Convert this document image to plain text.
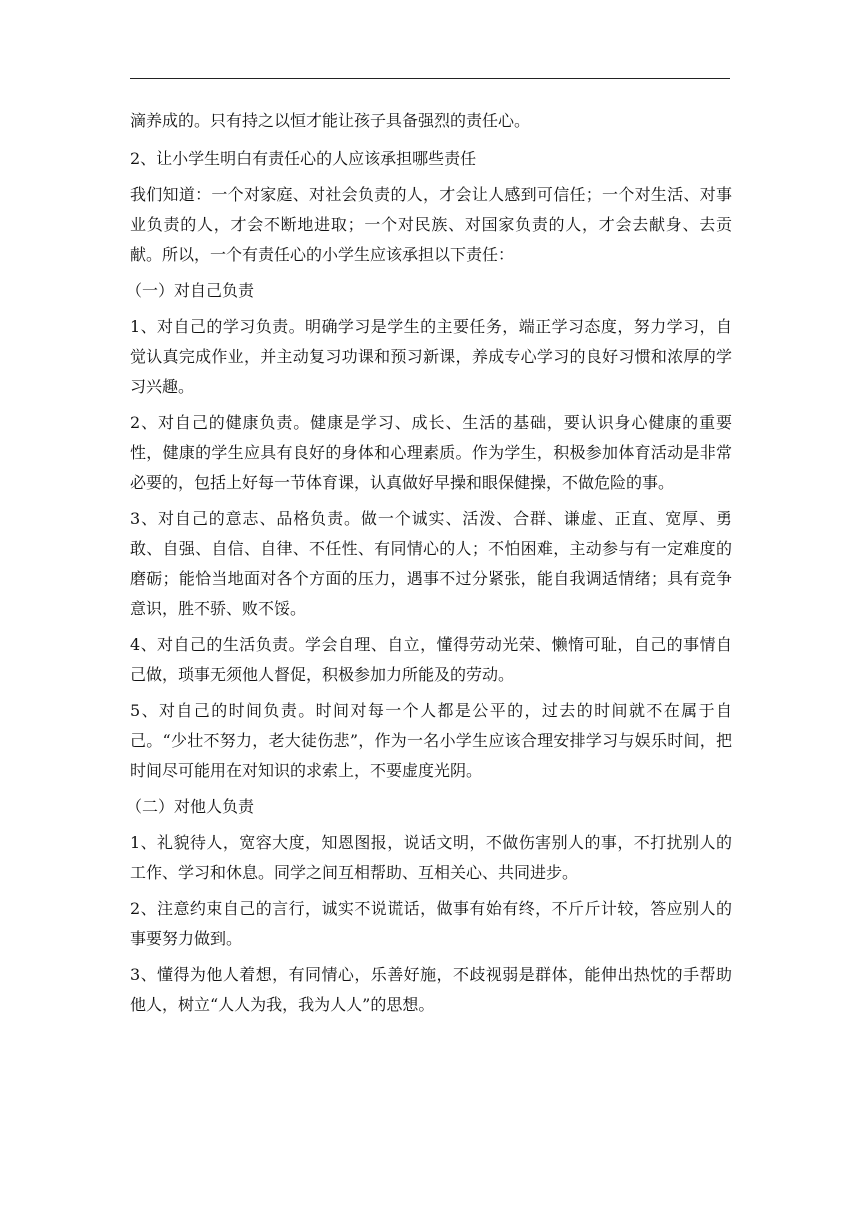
滴养成的。只有持之以恒才能让孩子具备强烈的责任心。

2、让小学生明白有责任心的人应该承担哪些责任

我们知道：一个对家庭、对社会负责的人，才会让人感到可信任；一个对生活、对事业负责的人，才会不断地进取；一个对民族、对国家负责的人，才会去献身、去贡献。所以，一个有责任心的小学生应该承担以下责任：

（一）对自己负责

1、对自己的学习负责。明确学习是学生的主要任务，端正学习态度，努力学习，自觉认真完成作业，并主动复习功课和预习新课，养成专心学习的良好习惯和浓厚的学习兴趣。

2、对自己的健康负责。健康是学习、成长、生活的基础，要认识身心健康的重要性，健康的学生应具有良好的身体和心理素质。作为学生，积极参加体育活动是非常必要的，包括上好每一节体育课，认真做好早操和眼保健操，不做危险的事。

3、对自己的意志、品格负责。做一个诚实、活泼、合群、谦虚、正直、宽厚、勇敢、自强、自信、自律、不任性、有同情心的人；不怕困难，主动参与有一定难度的磨砺；能恰当地面对各个方面的压力，遇事不过分紧张，能自我调适情绪；具有竞争意识，胜不骄、败不馁。

4、对自己的生活负责。学会自理、自立，懂得劳动光荣、懒惰可耻，自己的事情自己做，琐事无须他人督促，积极参加力所能及的劳动。

5、对自己的时间负责。时间对每一个人都是公平的，过去的时间就不在属于自己。“少壮不努力，老大徒伤悲”，作为一名小学生应该合理安排学习与娱乐时间，把时间尽可能用在对知识的求索上，不要虚度光阴。

（二）对他人负责

1、礼貌待人，宽容大度，知恩图报，说话文明，不做伤害别人的事，不打扰别人的工作、学习和休息。同学之间互相帮助、互相关心、共同进步。

2、注意约束自己的言行，诚实不说谎话，做事有始有终，不斤斤计较，答应别人的事要努力做到。

3、懂得为他人着想，有同情心，乐善好施，不歧视弱是群体，能伸出热忱的手帮助他人，树立“人人为我，我为人人”的思想。
